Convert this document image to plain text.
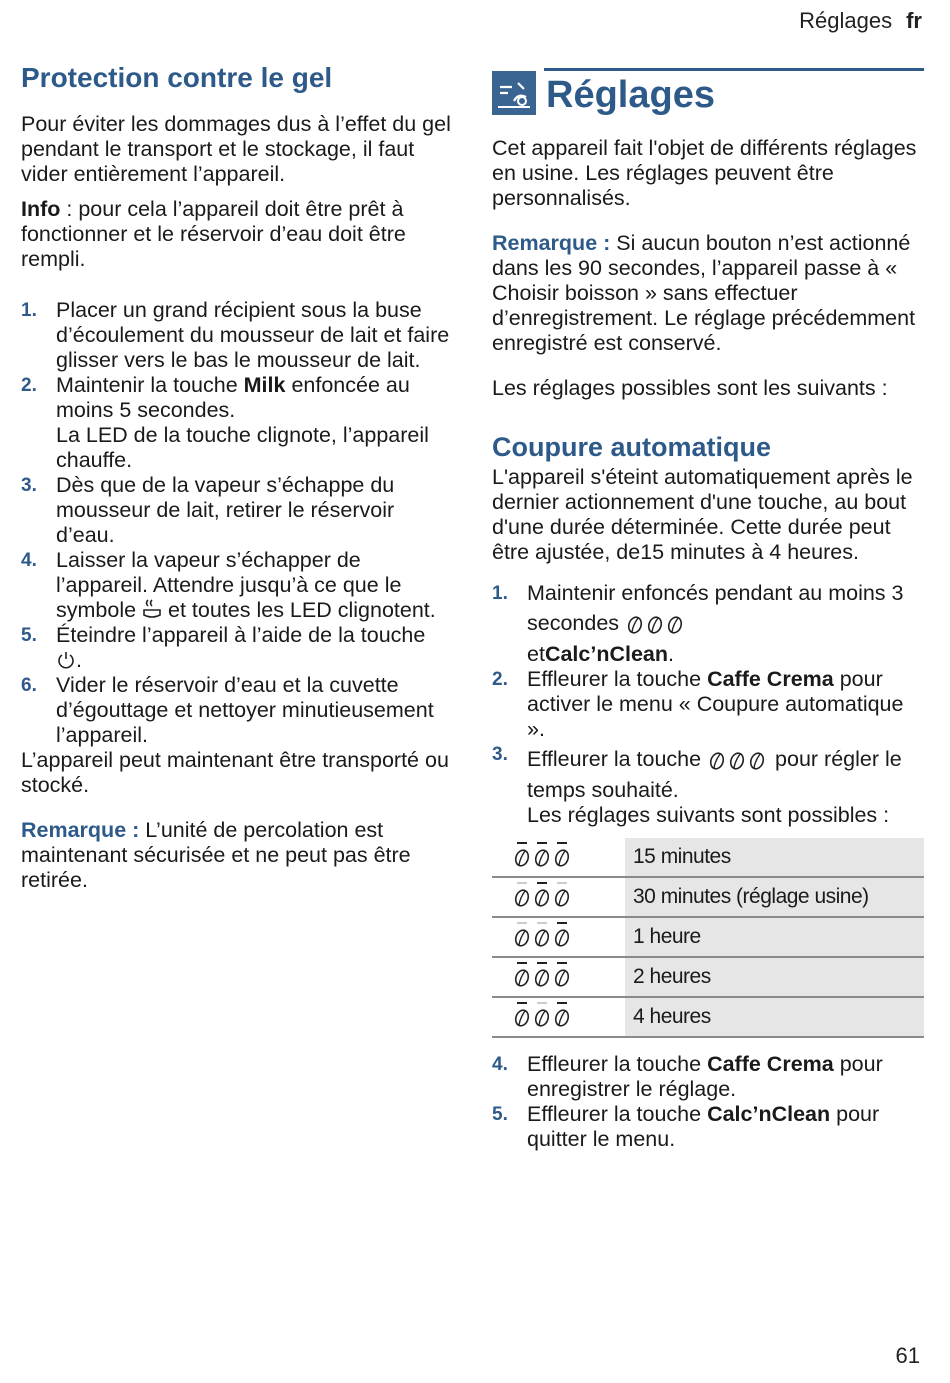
Réglages fr
Protection contre le gel

Pour éviter les dommages dus à l’effet du gel pendant le transport et le stockage, il faut vider entièrement l’appareil.

Info : pour cela l’appareil doit être prêt à fonctionner et le réservoir d’eau doit être rempli.

1. Placer un grand récipient sous la buse d’écoulement du mousseur de lait et faire glisser vers le bas le mousseur de lait.
2. Maintenir la touche Milk enfoncée au moins 5 secondes.
La LED de la touche clignote, l’appareil chauffe.
3. Dès que de la vapeur s’échappe du mousseur de lait, retirer le réservoir d’eau.
4. Laisser la vapeur s’échapper de l’appareil. Attendre jusqu’à ce que le symbole  et toutes les LED clignotent.
5. Éteindre l’appareil à l’aide de la touche .
6. Vider le réservoir d’eau et la cuvette d’égouttage et nettoyer minutieusement l’appareil.

L’appareil peut maintenant être transporté ou stocké.

Remarque : L’unité de percolation est maintenant sécurisée et ne peut pas être retirée.

Réglages

Cet appareil fait l'objet de différents réglages en usine. Les réglages peuvent être personnalisés.

Remarque : Si aucun bouton n’est actionné dans les 90 secondes, l’appareil passe à « Choisir boisson » sans effectuer d’enregistrement. Le réglage précédemment enregistré est conservé.

Les réglages possibles sont les suivants :

Coupure automatique

L'appareil s'éteint automatiquement après le dernier actionnement d'une touche, au bout d'une durée déterminée. Cette durée peut être ajustée, de15 minutes à 4 heures.

1. Maintenir enfoncés pendant au moins 3 secondes
etCalc’nClean.
2. Effleurer la touche Caffe Crema pour activer le menu « Coupure automatique ».
3. Effleurer la touche	pour régler le temps souhaité.
Les réglages suivants sont possibles :
	15 minutes
	30 minutes (réglage usine)
	1 heure
	2 heures
	4 heures
4. Effleurer la touche Caffe Crema pour enregistrer le réglage.
5. Effleurer la touche Calc’nClean pour quitter le menu.
61
